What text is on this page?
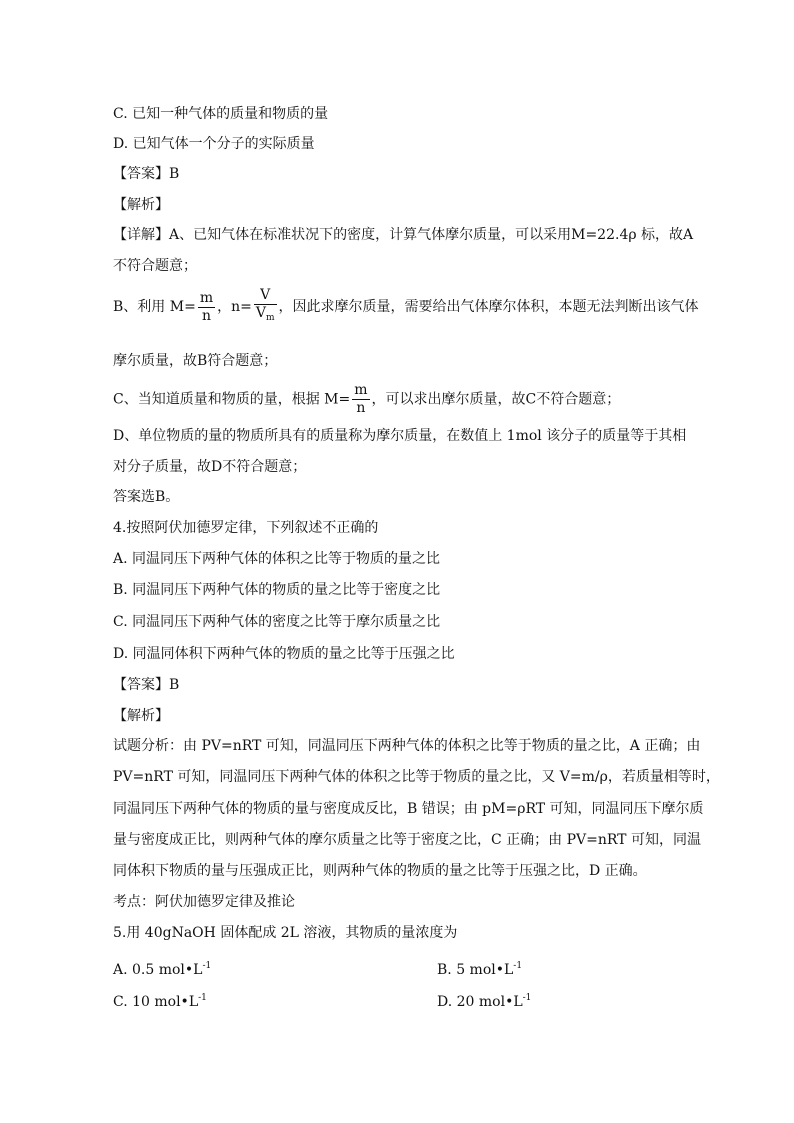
C. 已知一种气体的质量和物质的量
D. 已知气体一个分子的实际质量
【答案】B
【解析】
【详解】A、已知气体在标准状况下的密度，计算气体摩尔质量，可以采用M=22.4ρ 标，故A
不符合题意；
B、利用 $M= \frac{m}{n}$ ，$n= \frac{V}{V_m}$ ，因此求摩尔质量，需要给出气体摩尔体积，本题无法判断出该气体
摩尔质量，故B符合题意；
C、当知道质量和物质的量，根据 $M= \frac{m}{n}$ ，可以求出摩尔质量，故C不符合题意；
D、单位物质的量的物质所具有的质量称为摩尔质量，在数值上 1mol 该分子的质量等于其相
对分子质量，故D不符合题意；
答案选B。
4.按照阿伏加德罗定律，下列叙述不正确的
A. 同温同压下两种气体的体积之比等于物质的量之比
B. 同温同压下两种气体的物质的量之比等于密度之比
C. 同温同压下两种气体的密度之比等于摩尔质量之比
D. 同温同体积下两种气体的物质的量之比等于压强之比
【答案】B
【解析】
试题分析：由 PV=nRT 可知，同温同压下两种气体的体积之比等于物质的量之比，A 正确；由
PV=nRT 可知，同温同压下两种气体的体积之比等于物质的量之比，又 V=m/ρ，若质量相等时，
同温同压下两种气体的物质的量与密度成反比，B 错误；由 pM=ρRT 可知，同温同压下摩尔质
量与密度成正比，则两种气体的摩尔质量之比等于密度之比，C 正确；由 PV=nRT 可知，同温
同体积下物质的量与压强成正比，则两种气体的物质的量之比等于压强之比，D 正确。
考点：阿伏加德罗定律及推论
5.用 40gNaOH 固体配成 2L 溶液，其物质的量浓度为
A. 0.5 $mol•L^{-1}$	B. 5 $mol•L^{-1}$
C. 10 $mol•L^{-1}$	D. 20 $mol•L^{-1}$
